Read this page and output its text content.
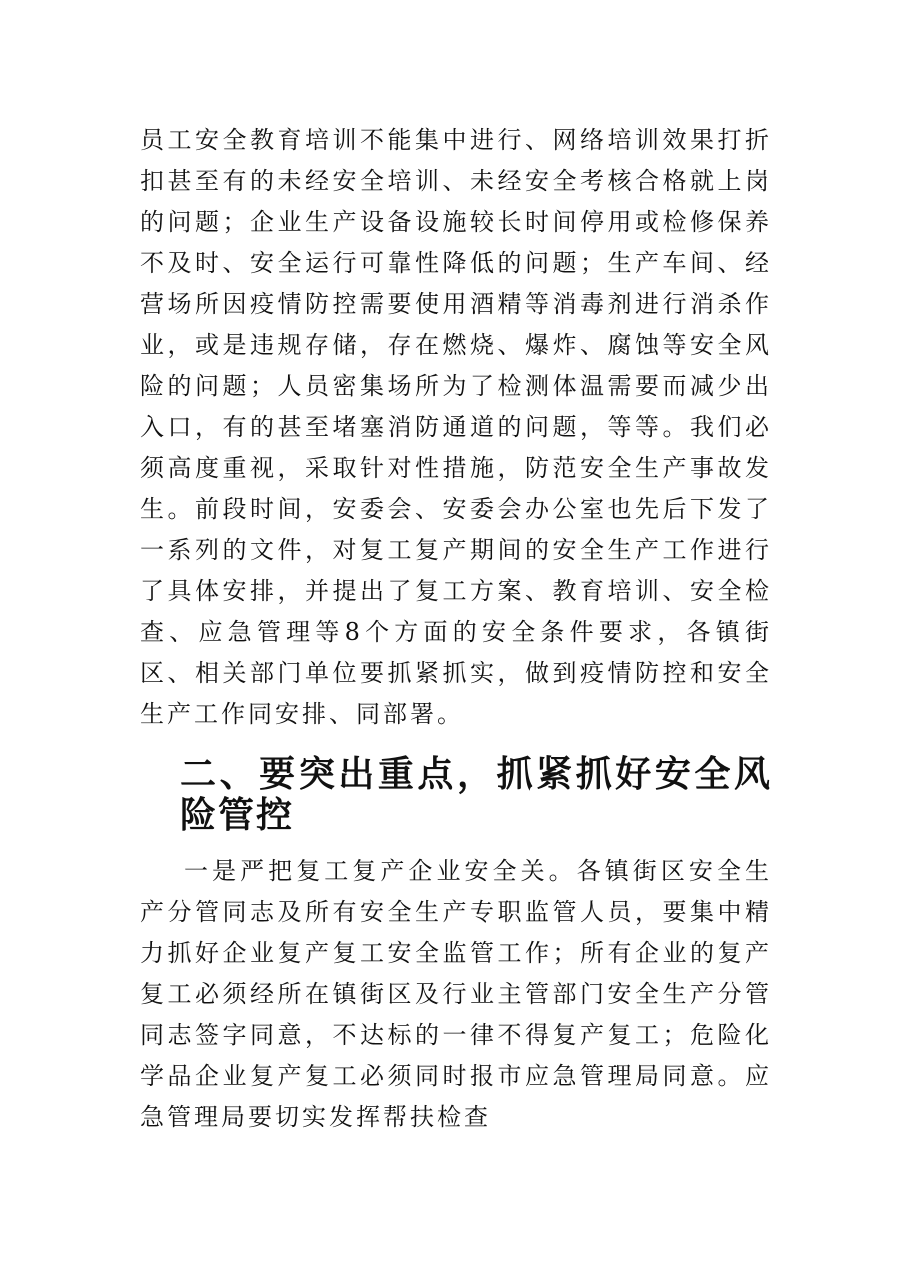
员工安全教育培训不能集中进行、网络培训效果打折扣甚至有的未经安全培训、未经安全考核合格就上岗的问题；企业生产设备设施较长时间停用或检修保养不及时、安全运行可靠性降低的问题；生产车间、经营场所因疫情防控需要使用酒精等消毒剂进行消杀作业，或是违规存储，存在燃烧、爆炸、腐蚀等安全风险的问题；人员密集场所为了检测体温需要而减少出入口，有的甚至堵塞消防通道的问题，等等。我们必须高度重视，采取针对性措施，防范安全生产事故发生。前段时间，安委会、安委会办公室也先后下发了一系列的文件，对复工复产期间的安全生产工作进行了具体安排，并提出了复工方案、教育培训、安全检查、应急管理等8个方面的安全条件要求，各镇街区、相关部门单位要抓紧抓实，做到疫情防控和安全生产工作同安排、同部署。

二、要突出重点，抓紧抓好安全风险管控

一是严把复工复产企业安全关。各镇街区安全生产分管同志及所有安全生产专职监管人员，要集中精力抓好企业复产复工安全监管工作；所有企业的复产复工必须经所在镇街区及行业主管部门安全生产分管同志签字同意，不达标的一律不得复产复工；危险化学品企业复产复工必须同时报市应急管理局同意。应急管理局要切实发挥帮扶检查
